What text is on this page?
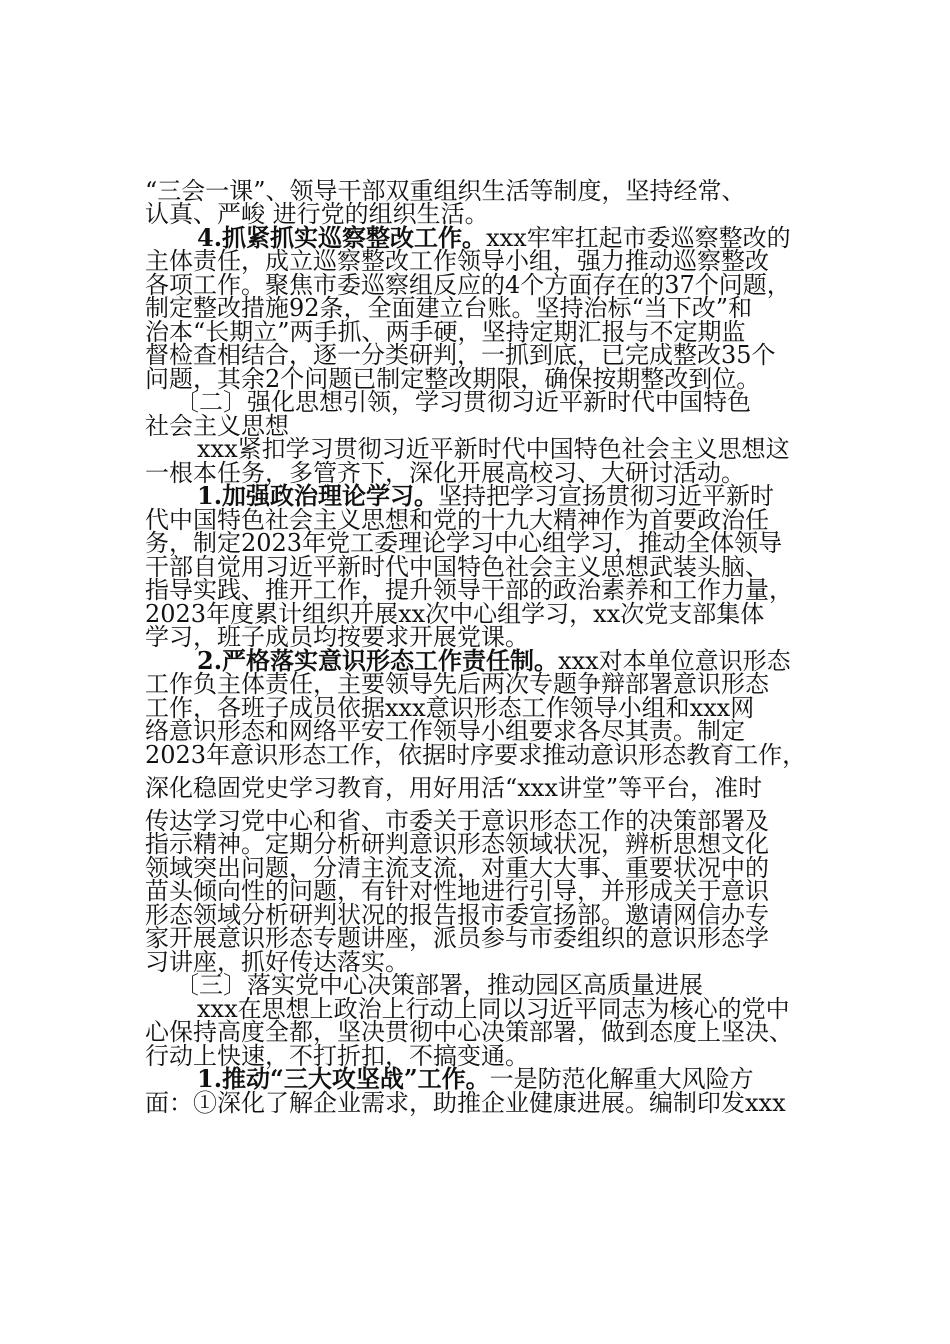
“三会一课”、领导干部双重组织生活等制度，坚持经常、
认真、严峻 进行党的组织生活。
4.抓紧抓实巡察整改工作。xxx牢牢扛起市委巡察整改的
主体责任，成立巡察整改工作领导小组，强力推动巡察整改
各项工作。聚焦市委巡察组反应的4个方面存在的37个问题，
制定整改措施92条，全面建立台账。坚持治标“当下改”和
治本“长期立”两手抓、两手硬，坚持定期汇报与不定期监
督检查相结合，逐一分类研判，一抓到底，已完成整改35个
问题，其余2个问题已制定整改期限，确保按期整改到位。
〔二〕强化思想引领，学习贯彻习近平新时代中国特色
社会主义思想
xxx紧扣学习贯彻习近平新时代中国特色社会主义思想这
一根本任务，多管齐下，深化开展高校习、大研讨活动。
1.加强政治理论学习。坚持把学习宣扬贯彻习近平新时
代中国特色社会主义思想和党的十九大精神作为首要政治任
务，制定2023年党工委理论学习中心组学习，推动全体领导
干部自觉用习近平新时代中国特色社会主义思想武装头脑、
指导实践、推开工作，提升领导干部的政治素养和工作力量，
2023年度累计组织开展xx次中心组学习，xx次党支部集体
学习，班子成员均按要求开展党课。
2.严格落实意识形态工作责任制。xxx对本单位意识形态
工作负主体责任，主要领导先后两次专题争辩部署意识形态
工作，各班子成员依据xxx意识形态工作领导小组和xxx网
络意识形态和网络平安工作领导小组要求各尽其责。制定
2023年意识形态工作，依据时序要求推动意识形态教育工作，
深化稳固党史学习教育，用好用活“xxx讲堂”等平台，准时
传达学习党中心和省、市委关于意识形态工作的决策部署及
指示精神。定期分析研判意识形态领域状况，辨析思想文化
领域突出问题，分清主流支流，对重大大事、重要状况中的
苗头倾向性的问题，有针对性地进行引导，并形成关于意识
形态领域分析研判状况的报告报市委宣扬部。邀请网信办专
家开展意识形态专题讲座，派员参与市委组织的意识形态学
习讲座，抓好传达落实。
〔三〕落实党中心决策部署，推动园区高质量进展
xxx在思想上政治上行动上同以习近平同志为核心的党中
心保持高度全都，坚决贯彻中心决策部署，做到态度上坚决、
行动上快速，不打折扣，不搞变通。
1.推动“三大攻坚战”工作。一是防范化解重大风险方
面：①深化了解企业需求，助推企业健康进展。编制印发xxx
